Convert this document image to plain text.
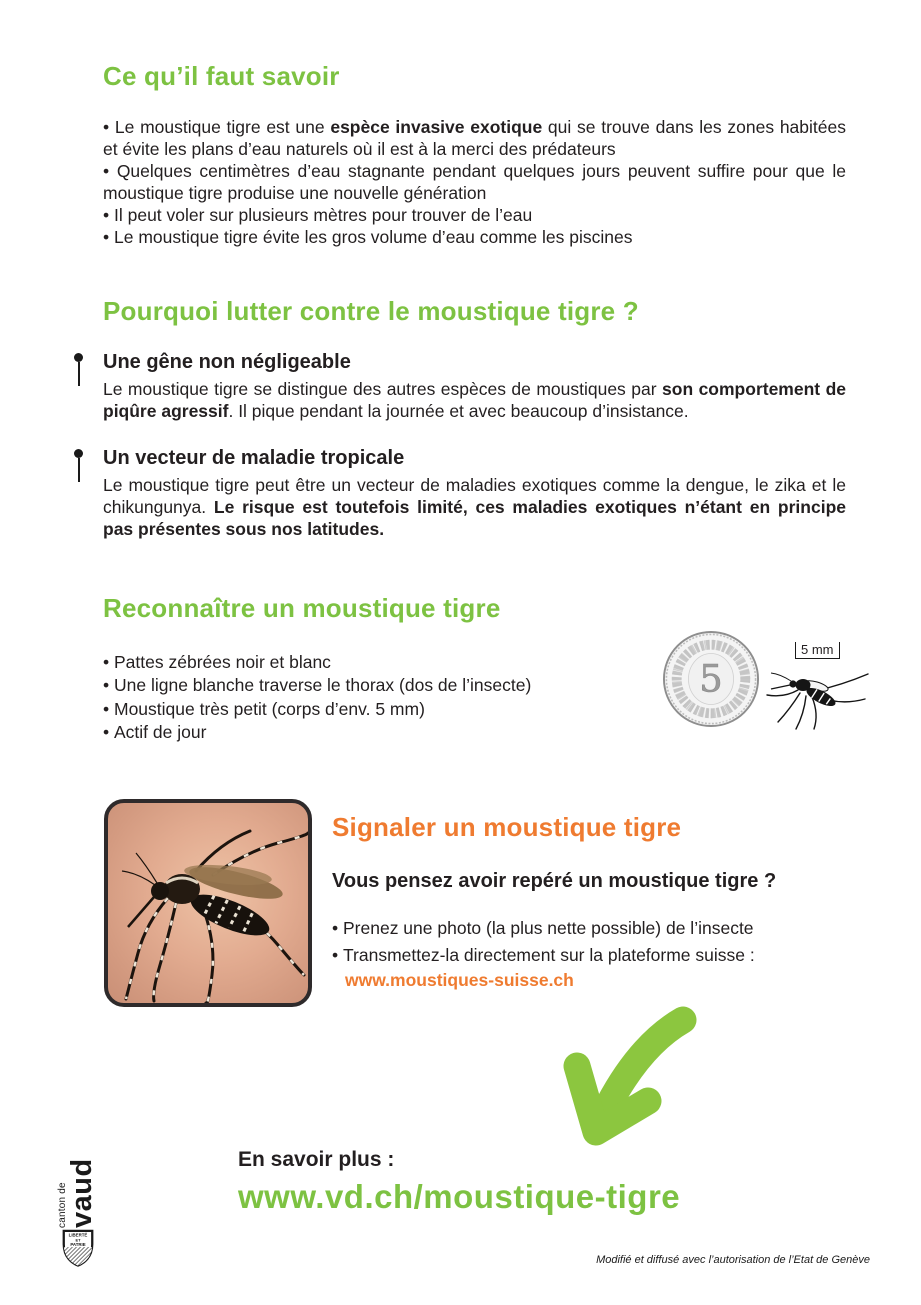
Ce qu’il faut savoir

• Le moustique tigre est une espèce invasive exotique qui se trouve dans les zones habitées et évite les plans d’eau naturels où il est à la merci des prédateurs

• Quelques centimètres d’eau stagnante pendant quelques jours peuvent suffire pour que le moustique tigre produise une nouvelle génération

• Il peut voler sur plusieurs mètres pour trouver de l’eau

• Le moustique tigre évite les gros volume d’eau comme les piscines

Pourquoi lutter contre le moustique tigre ?
Une gêne non négligeable

Le moustique tigre se distingue des autres espèces de moustiques par son comportement de piqûre agressif. Il pique pendant la journée et avec beaucoup d’insistance.

Un vecteur de maladie tropicale

Le moustique tigre peut être un vecteur de maladies exotiques comme la dengue, le zika et le chikungunya. Le risque est toutefois limité, ces maladies exotiques n’étant en principe pas présentes sous nos latitudes.

Reconnaître un moustique tigre

• Pattes zébrées noir et blanc

• Une ligne blanche traverse le thorax (dos de l’insecte)

• Moustique très petit (corps d’env. 5 mm)

• Actif de jour

5
5 mm
Signaler un moustique tigre

Vous pensez avoir repéré un moustique tigre ?

• Prenez une photo (la plus nette possible) de l’insecte

• Transmettez-la directement sur la plateforme suisse :

www.moustiques-suisse.ch

En savoir plus :

www.vd.ch/moustique-tigre
canton de
vaud
LIBERTÉ
ET
PATRIE

Modifié et diffusé avec l’autorisation de l’Etat de Genève
